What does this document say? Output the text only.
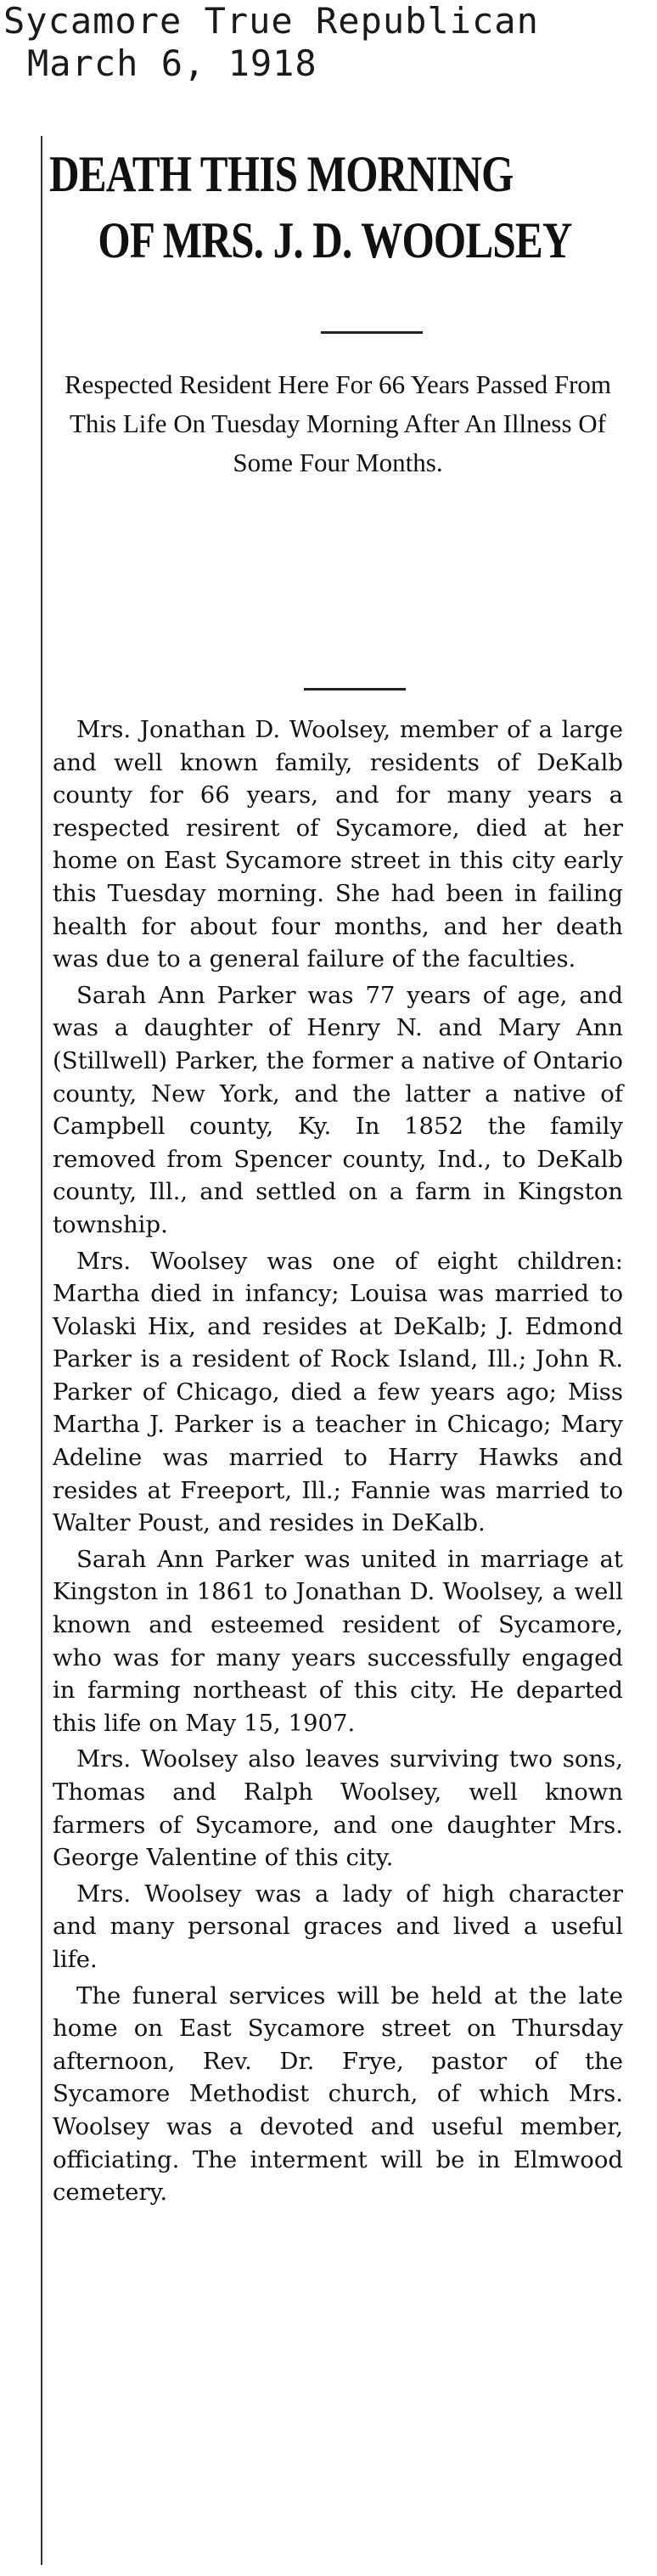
Sycamore True Republican
March 6, 1918
DEATH THIS MORNING
OF MRS. J. D. WOOLSEY
Respected Resident Here For 66 Years Passed From This Life On Tuesday Morning After An Illness Of Some Four Months.

Mrs. Jonathan D. Woolsey, member of a large and well known family, residents of DeKalb county for 66 years, and for many years a respected resirent of Sycamore, died at her home on East Sycamore street in this city early this Tuesday morning. She had been in failing health for about four months, and her death was due to a general failure of the faculties.

Sarah Ann Parker was 77 years of age, and was a daughter of Henry N. and Mary Ann (Stillwell) Parker, the former a native of Ontario county, New York, and the latter a native of Campbell county, Ky. In 1852 the family removed from Spencer county, Ind., to DeKalb county, Ill., and settled on a farm in Kingston township.

Mrs. Woolsey was one of eight children: Martha died in infancy; Louisa was married to Volaski Hix, and resides at DeKalb; J. Edmond Parker is a resident of Rock Island, Ill.; John R. Parker of Chicago, died a few years ago; Miss Martha J. Parker is a teacher in Chicago; Mary Adeline was married to Harry Hawks and resides at Freeport, Ill.; Fannie was married to Walter Poust, and resides in DeKalb.

Sarah Ann Parker was united in marriage at Kingston in 1861 to Jonathan D. Woolsey, a well known and esteemed resident of Sycamore, who was for many years successfully engaged in farming northeast of this city. He departed this life on May 15, 1907.

Mrs. Woolsey also leaves surviving two sons, Thomas and Ralph Woolsey, well known farmers of Sycamore, and one daughter Mrs. George Valentine of this city.

Mrs. Woolsey was a lady of high character and many personal graces and lived a useful life.

The funeral services will be held at the late home on East Sycamore street on Thursday afternoon, Rev. Dr. Frye, pastor of the Sycamore Methodist church, of which Mrs. Woolsey was a devoted and useful member, officiating. The interment will be in Elmwood cemetery.
